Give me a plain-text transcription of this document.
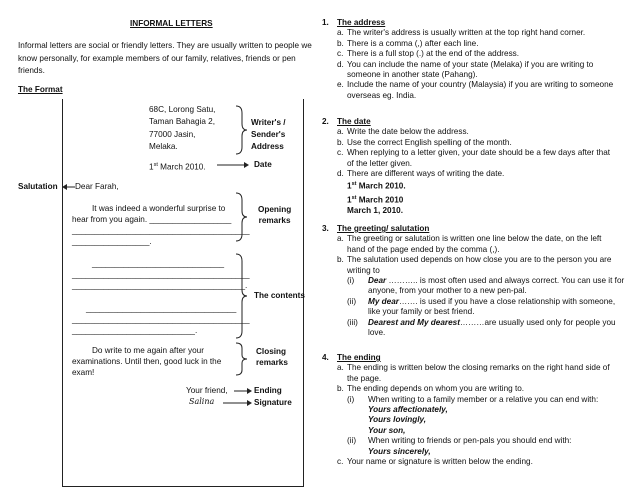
INFORMAL LETTERS
Informal letters are social or friendly letters. They are usually written to people we know personally, for example members of our family, relatives, friends or pen friends.
The Format
68C, Lorong Satu,
Taman Bahagia 2,
77000 Jasin,
Melaka.
Writer's /
Sender's
Address
1st March 2010.	Date
Salutation Dear Farah,
It was indeed a wonderful surprise to
hear from you again. __________________
_______________________________________
_________________.
Opening
remarks
_____________________________
_______________________________________
______________________________________.
_________________________________
_______________________________________
___________________________.
The contents
Do write to me again after your
examinations. Until then, good luck in the
exam!
Closing
remarks
Your friend,	Ending
Salina	Signature
1. The address
a. The writer's address is usually written at the top right hand corner.
b. There is a comma (,) after each line.
c. There is a full stop (.) at the end of the address.
d. You can include the name of your state (Melaka) if you are writing to
someone in another state (Pahang).
e. Include the name of your country (Malaysia) if you are writing to someone
overseas eg. India.
2. The date
a. Write the date below the address.
b. Use the correct English spelling of the month.
c. When replying to a letter given, your date should be a few days after that
of the letter given.
d. There are different ways of writing the date.
1st March 2010.
1st March 2010
March 1, 2010.
3. The greeting/ salutation
a. The greeting or salutation is written one line below the date, on the left
hand of the page ended by the comma (,).
b. The salutation used depends on how close you are to the person you are
writing to
(i) Dear ……….. is most often used and always correct. You can use it for
anyone, from your mother to a new pen-pal.
(ii) My dear……. is used if you have a close relationship with someone,
like your family or best friend.
(iii) Dearest and My dearest………are usually used only for people you
love.
4. The ending
a. The ending is written below the closing remarks on the right hand side of
the page.
b. The ending depends on whom you are writing to.
(i) When writing to a family member or a relative you can end with:
Yours affectionately,
Yours lovingly,
Your son,
(ii) When writing to friends or pen-pals you should end with:
Yours sincerely,
c. Your name or signature is written below the ending.
